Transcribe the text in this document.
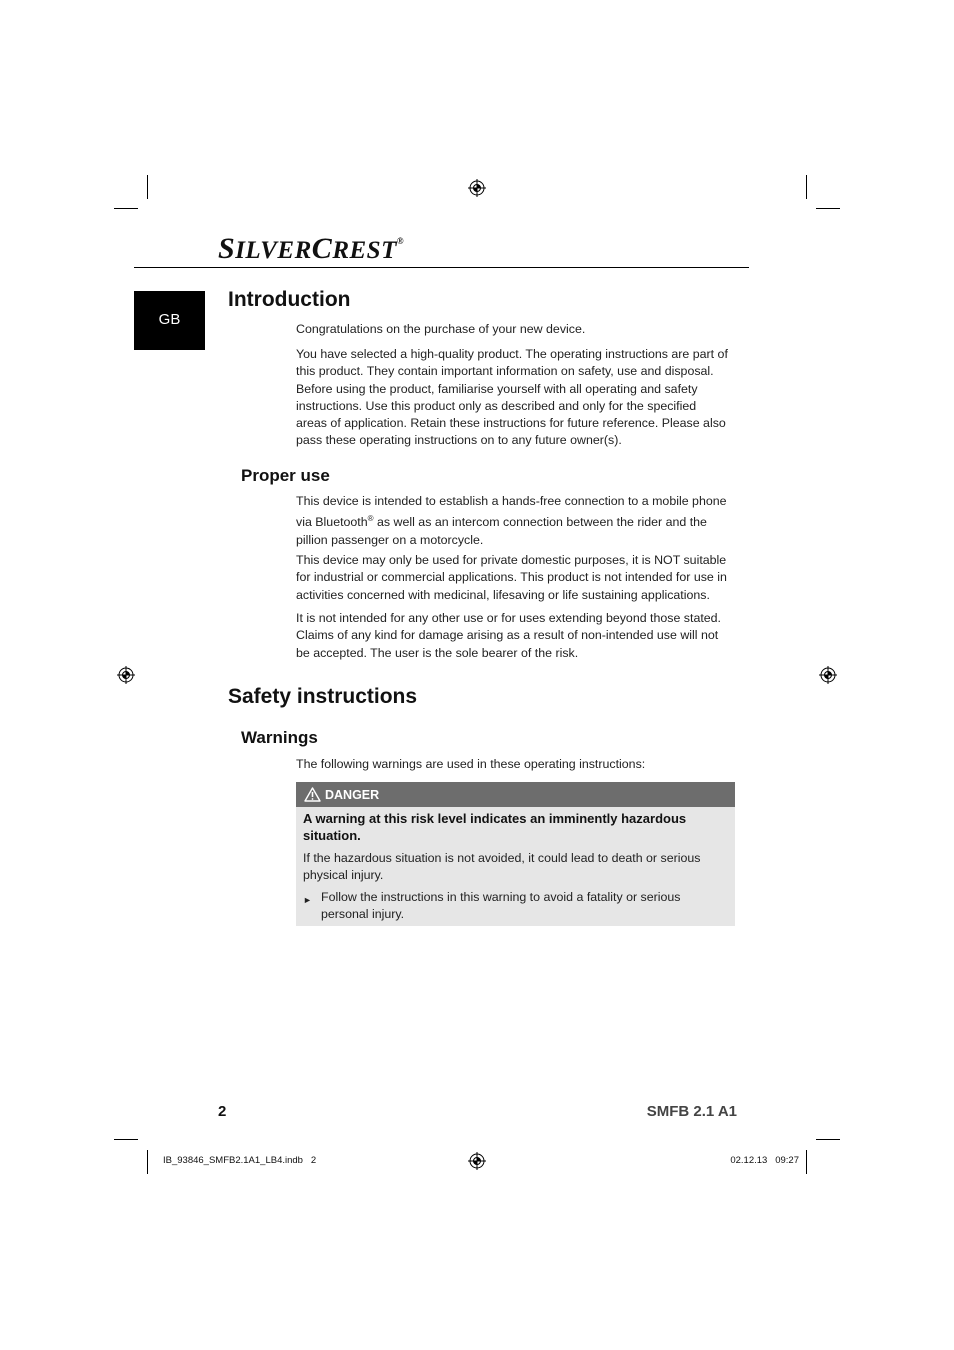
SILVERCREST®
GB
Introduction

Congratulations on the purchase of your new device.

You have selected a high-quality product. The operating instructions are part of this product. They contain important information on safety, use and disposal. Before using the product, familiarise yourself with all operating and safety instructions. Use this product only as described and only for the specified areas of application. Retain these instructions for future reference. Please also pass these operating instructions on to any future owner(s).

Proper use

This device is intended to establish a hands-free connection to a mobile phone via Bluetooth® as well as an intercom connection between the rider and the pillion passenger on a motorcycle.

This device may only be used for private domestic purposes, it is NOT suitable for industrial or commercial applications. This product is not intended for use in activities concerned with medicinal, lifesaving or life sustaining applications.

It is not intended for any other use or for uses extending beyond those stated. Claims of any kind for damage arising as a result of non-intended use will not be accepted. The user is the sole bearer of the risk.

Safety instructions
Warnings

The following warnings are used in these operating instructions:

DANGER

A warning at this risk level indicates an imminently hazardous situation.

If the hazardous situation is not avoided, it could lead to death or serious physical injury.

► Follow the instructions in this warning to avoid a fatality or serious personal injury.
2	SMFB 2.1 A1
IB_93846_SMFB2.1A1_LB4.indb   2	02.12.13   09:27
